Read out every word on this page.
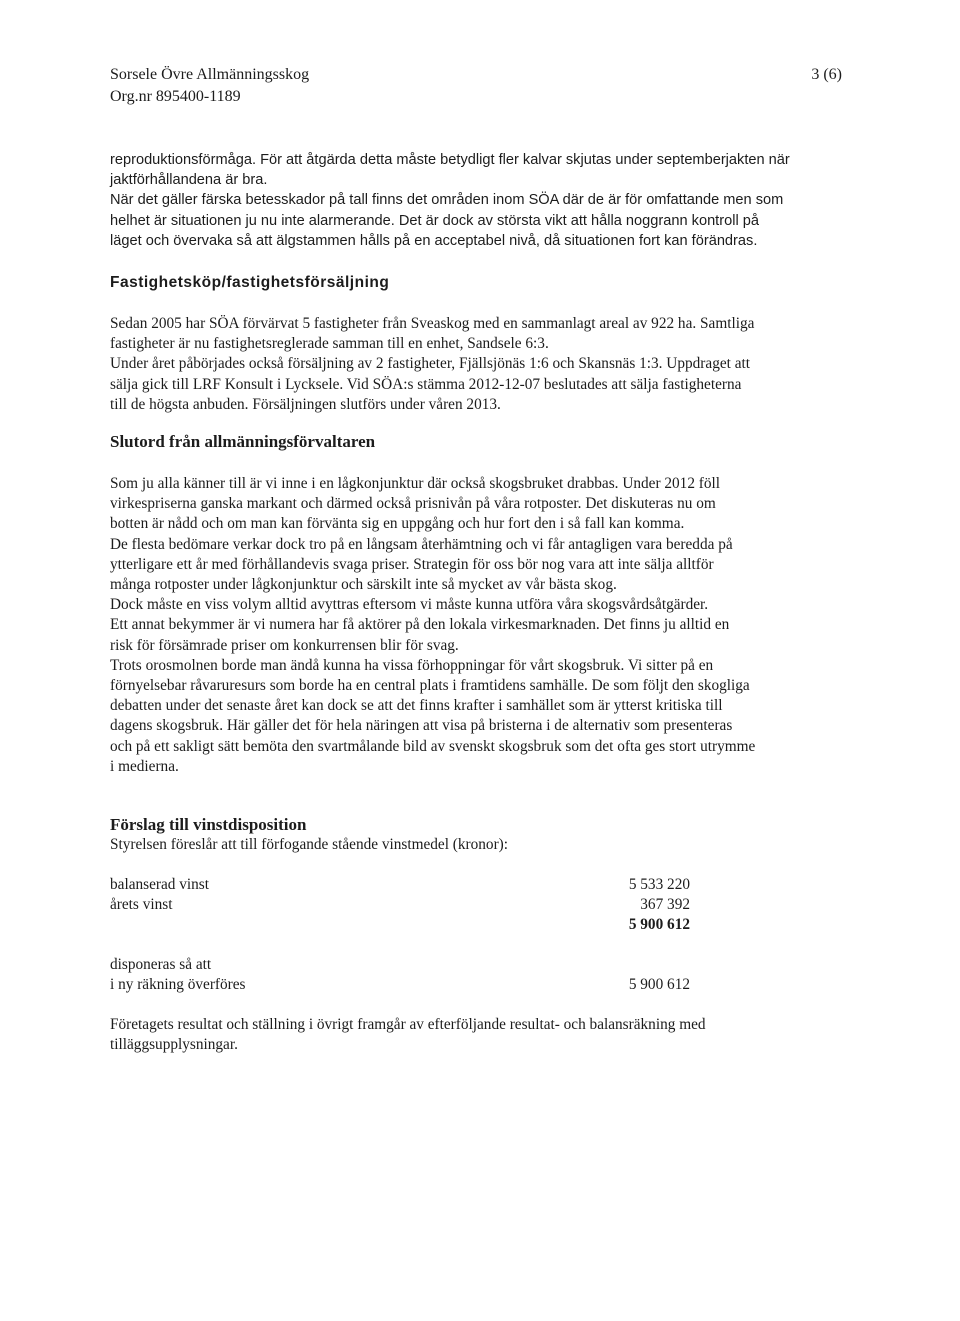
Sorsele Övre Allmänningsskog
Org.nr 895400-1189
3 (6)

reproduktionsförmåga. För att åtgärda detta måste betydligt fler kalvar skjutas under septemberjakten när

jaktförhållandena är bra.

När det gäller färska betesskador på tall finns det områden inom SÖA där de är för omfattande men som

helhet är situationen ju nu inte alarmerande. Det är dock av största vikt att hålla noggrann kontroll på

läget och övervaka så att älgstammen hålls på en acceptabel nivå, då situationen fort kan förändras.

Fastighetsköp/fastighetsförsäljning

Sedan 2005 har SÖA förvärvat 5 fastigheter från Sveaskog med en sammanlagt areal av 922 ha. Samtliga

fastigheter är nu fastighetsreglerade samman till en enhet, Sandsele 6:3.

Under året påbörjades också försäljning av 2 fastigheter, Fjällsjönäs 1:6 och Skansnäs 1:3. Uppdraget att

sälja gick till LRF Konsult i Lycksele. Vid SÖA:s stämma 2012-12-07 beslutades att sälja fastigheterna

till de högsta anbuden. Försäljningen slutförs under våren 2013.

Slutord från allmänningsförvaltaren

Som ju alla känner till är vi inne i en lågkonjunktur där också skogsbruket drabbas. Under 2012 föll

virkespriserna ganska markant och därmed också prisnivån på våra rotposter. Det diskuteras nu om

botten är nådd och om man kan förvänta sig en uppgång och hur fort den i så fall kan komma.

De flesta bedömare verkar dock tro på en långsam återhämtning och vi får antagligen vara beredda på

ytterligare ett år med förhållandevis svaga priser. Strategin för oss bör nog vara att inte sälja alltför

många rotposter under lågkonjunktur och särskilt inte så mycket av vår bästa skog.

Dock måste en viss volym alltid avyttras eftersom vi måste kunna utföra våra skogsvårdsåtgärder.

Ett annat bekymmer är vi numera har få aktörer på den lokala virkesmarknaden. Det finns ju alltid en

risk för försämrade priser om konkurrensen blir för svag.

Trots orosmolnen borde man ändå kunna ha vissa förhoppningar för vårt skogsbruk. Vi sitter på en

förnyelsebar råvaruresurs som borde ha en central plats i framtidens samhälle. De som följt den skogliga

debatten under det senaste året kan dock se att det finns krafter i samhället som är ytterst kritiska till

dagens skogsbruk. Här gäller det för hela näringen att visa på bristerna i de alternativ som presenteras

och på ett sakligt sätt bemöta den svartmålande bild av svenskt skogsbruk som det ofta ges stort utrymme

i medierna.

Förslag till vinstdisposition

Styrelsen föreslår att till förfogande stående vinstmedel (kronor):

balanserad vinst	5 533 220
årets vinst	367 392
5 900 612
disponeras så att
i ny räkning överföres	5 900 612

Företagets resultat och ställning i övrigt framgår av efterföljande resultat- och balansräkning med

tilläggsupplysningar.
